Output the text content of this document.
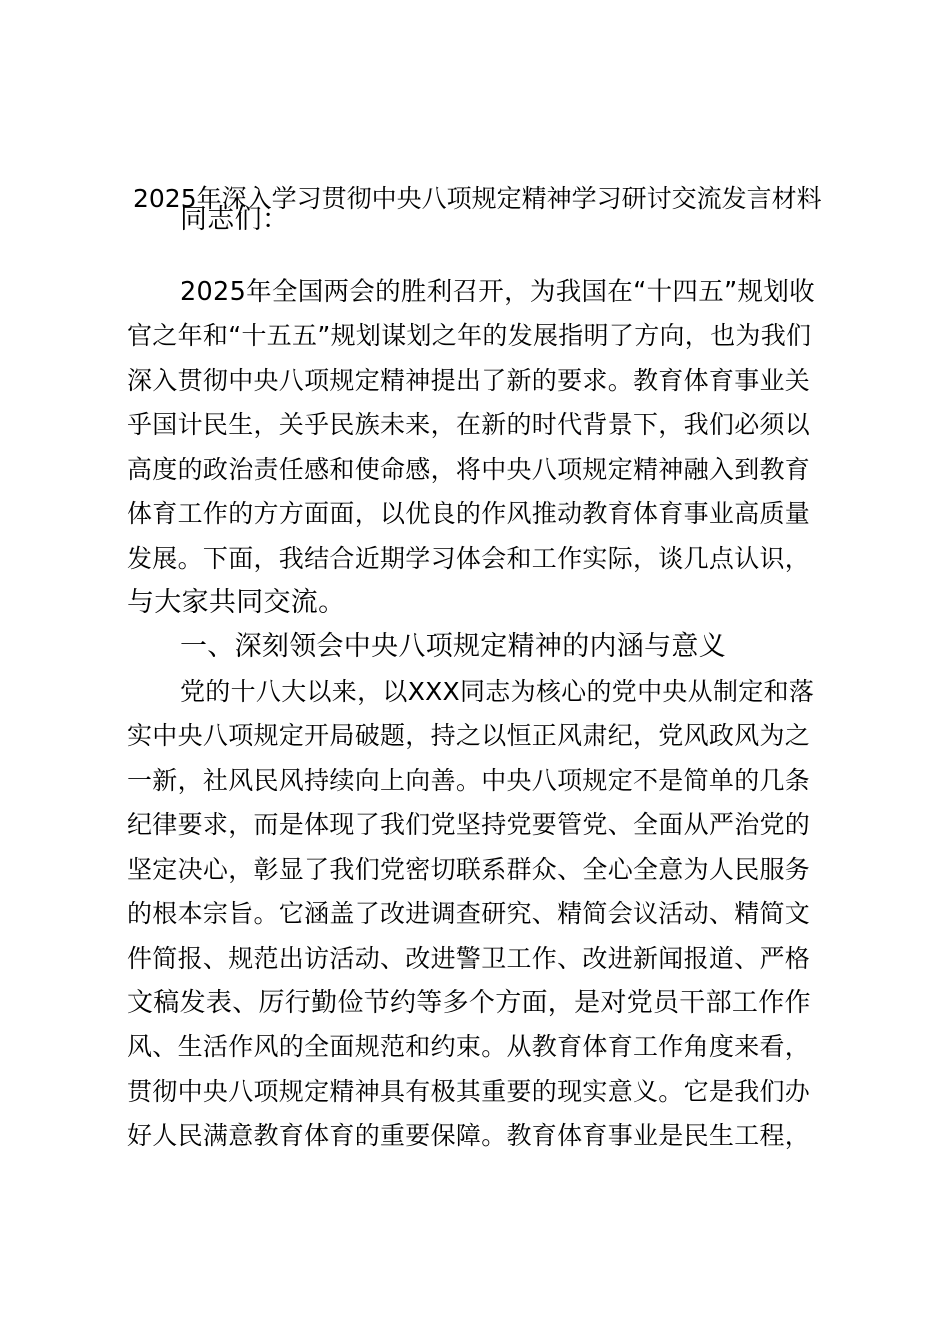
2025年深入学习贯彻中央八项规定精神学习研讨交流发言材料
同志们：
2025年全国两会的胜利召开，为我国在“十四五”规划收
官之年和“十五五”规划谋划之年的发展指明了方向，也为我们
深入贯彻中央八项规定精神提出了新的要求。教育体育事业关
乎国计民生，关乎民族未来，在新的时代背景下，我们必须以
高度的政治责任感和使命感，将中央八项规定精神融入到教育
体育工作的方方面面，以优良的作风推动教育体育事业高质量
发展。下面，我结合近期学习体会和工作实际，谈几点认识，
与大家共同交流。
一、深刻领会中央八项规定精神的内涵与意义
党的十八大以来，以XXX同志为核心的党中央从制定和落
实中央八项规定开局破题，持之以恒正风肃纪，党风政风为之
一新，社风民风持续向上向善。中央八项规定不是简单的几条
纪律要求，而是体现了我们党坚持党要管党、全面从严治党的
坚定决心，彰显了我们党密切联系群众、全心全意为人民服务
的根本宗旨。它涵盖了改进调查研究、精简会议活动、精简文
件简报、规范出访活动、改进警卫工作、改进新闻报道、严格
文稿发表、厉行勤俭节约等多个方面，是对党员干部工作作
风、生活作风的全面规范和约束。从教育体育工作角度来看，
贯彻中央八项规定精神具有极其重要的现实意义。它是我们办
好人民满意教育体育的重要保障。教育体育事业是民生工程，
